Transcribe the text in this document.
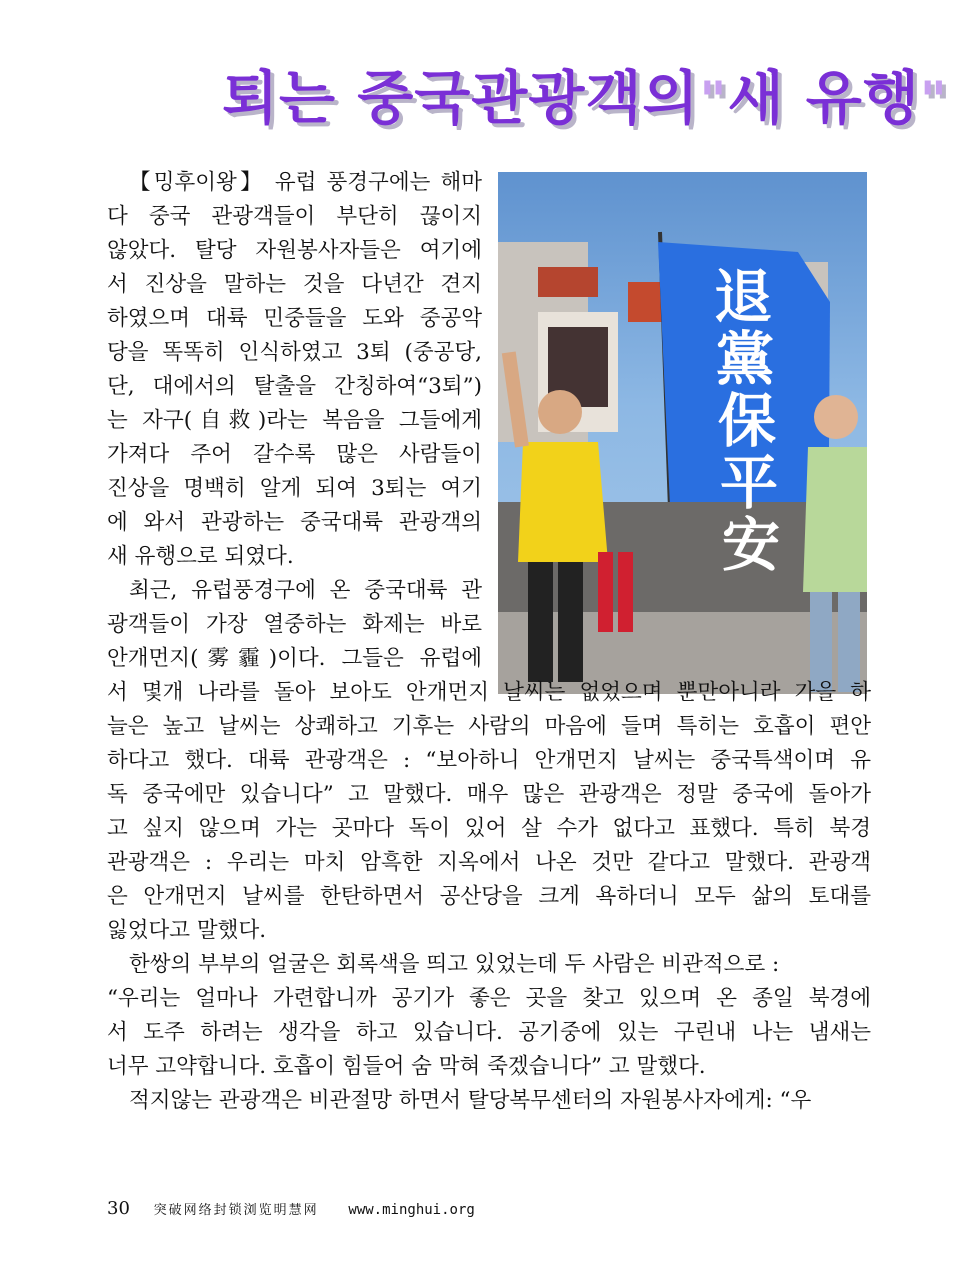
퇴는 중국관광객의"새 유행"
退
黨
保
平
安
【밍후이왕】 유럽 풍경구에는 해마
다 중국 관광객들이 부단히 끊이지
않았다. 탈당 자원봉사자들은 여기에
서 진상을 말하는 것을 다년간 견지
하였으며 대륙 민중들을 도와 중공악
당을 똑똑히 인식하였고 3퇴 (중공당,
단, 대에서의 탈출을 간칭하여“3퇴”)
는 자구(自救)라는 복음을 그들에게
가져다 주어 갈수록 많은 사람들이
진상을 명백히 알게 되여 3퇴는 여기
에 와서 관광하는 중국대륙 관광객의
새 유행으로 되였다.
최근, 유럽풍경구에 온 중국대륙 관
광객들이 가장 열중하는 화제는 바로
안개먼지(雾霾)이다. 그들은 유럽에
서 몇개 나라를 돌아 보아도 안개먼지 날씨는 없었으며 뿐만아니라 가을 하
늘은 높고 날씨는 상쾌하고 기후는 사람의 마음에 들며 특히는 호흡이 편안
하다고 했다. 대륙 관광객은 : “보아하니 안개먼지 날씨는 중국특색이며 유
독 중국에만 있습니다” 고 말했다. 매우 많은 관광객은 정말 중국에 돌아가
고 싶지 않으며 가는 곳마다 독이 있어 살 수가 없다고 표했다. 특히 북경
관광객은 : 우리는 마치 암흑한 지옥에서 나온 것만 같다고 말했다. 관광객
은 안개먼지 날씨를 한탄하면서 공산당을 크게 욕하더니 모두 삶의 토대를
잃었다고 말했다.
한쌍의 부부의 얼굴은 회록색을 띄고 있었는데 두 사람은 비관적으로 :
“우리는 얼마나 가련합니까 공기가 좋은 곳을 찾고 있으며 온 종일 북경에
서 도주 하려는 생각을 하고 있습니다. 공기중에 있는 구린내 나는 냄새는
너무 고약합니다. 호흡이 힘들어 숨 막혀 죽겠습니다” 고 말했다.
적지않는 관광객은 비관절망 하면서 탈당복무센터의 자원봉사자에게: “우
30 突破网络封锁浏览明慧网 www.minghui.org
